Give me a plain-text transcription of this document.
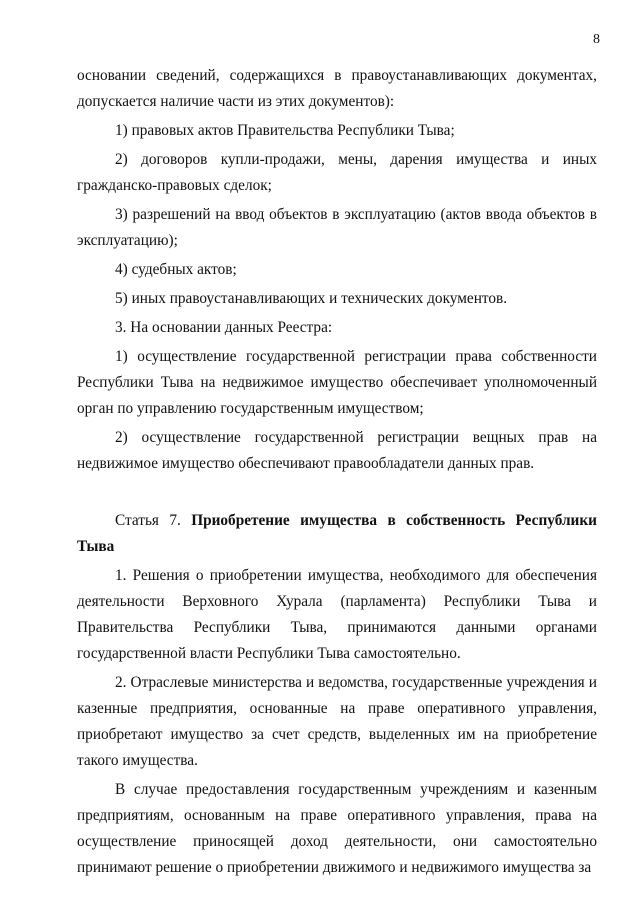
8

основании сведений, содержащихся в правоустанавливающих документах, допускается наличие части из этих документов):

1) правовых актов Правительства Республики Тыва;

2) договоров купли-продажи, мены, дарения имущества и иных гражданско-правовых сделок;

3) разрешений на ввод объектов в эксплуатацию (актов ввода объектов в эксплуатацию);

4) судебных актов;

5) иных правоустанавливающих и технических документов.

3. На основании данных Реестра:

1) осуществление государственной регистрации права собственности Республики Тыва на недвижимое имущество обеспечивает уполномоченный орган по управлению государственным имуществом;

2) осуществление государственной регистрации вещных прав на недвижимое имущество обеспечивают правообладатели данных прав.

Статья 7. Приобретение имущества в собственность Республики Тыва

1. Решения о приобретении имущества, необходимого для обеспечения деятельности Верховного Хурала (парламента) Республики Тыва и Правительства Республики Тыва, принимаются данными органами государственной власти Республики Тыва самостоятельно.

2. Отраслевые министерства и ведомства, государственные учреждения и казенные предприятия, основанные на праве оперативного управления, приобретают имущество за счет средств, выделенных им на приобретение такого имущества.

В случае предоставления государственным учреждениям и казенным предприятиям, основанным на праве оперативного управления, права на осуществление приносящей доход деятельности, они самостоятельно принимают решение о приобретении движимого и недвижимого имущества за
